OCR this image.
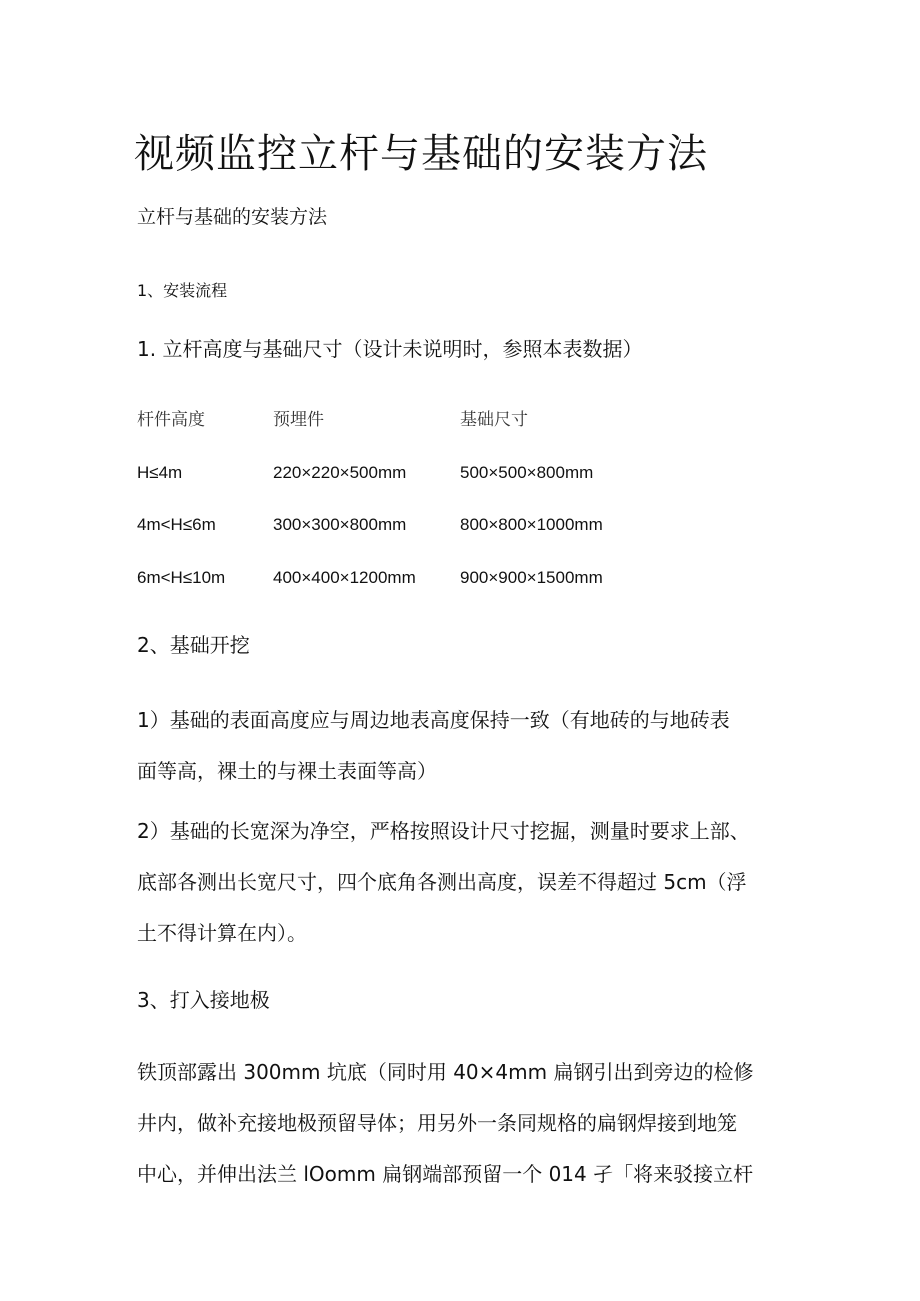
视频监控立杆与基础的安装方法
立杆与基础的安装方法
1、安装流程
1. 立杆高度与基础尺寸（设计未说明时，参照本表数据）
杆件高度	预埋件	基础尺寸
H≤4m	220×220×500mm	500×500×800mm
4m<H≤6m	300×300×800mm	800×800×1000mm
6m<H≤10m	400×400×1200mm	900×900×1500mm
2、基础开挖
1）基础的表面高度应与周边地表高度保持一致（有地砖的与地砖表
面等高，裸土的与裸土表面等高）
2）基础的长宽深为净空，严格按照设计尺寸挖掘，测量时要求上部、
底部各测出长宽尺寸，四个底角各测出高度，误差不得超过 5cm（浮
土不得计算在内）。
3、打入接地极
铁顶部露出 300mm 坑底（同时用 40×4mm 扁钢引出到旁边的检修
井内，做补充接地极预留导体；用另外一条同规格的扁钢焊接到地笼
中心，并伸出法兰 lOomm 扁钢端部预留一个 014 孑「将来驳接立杆
